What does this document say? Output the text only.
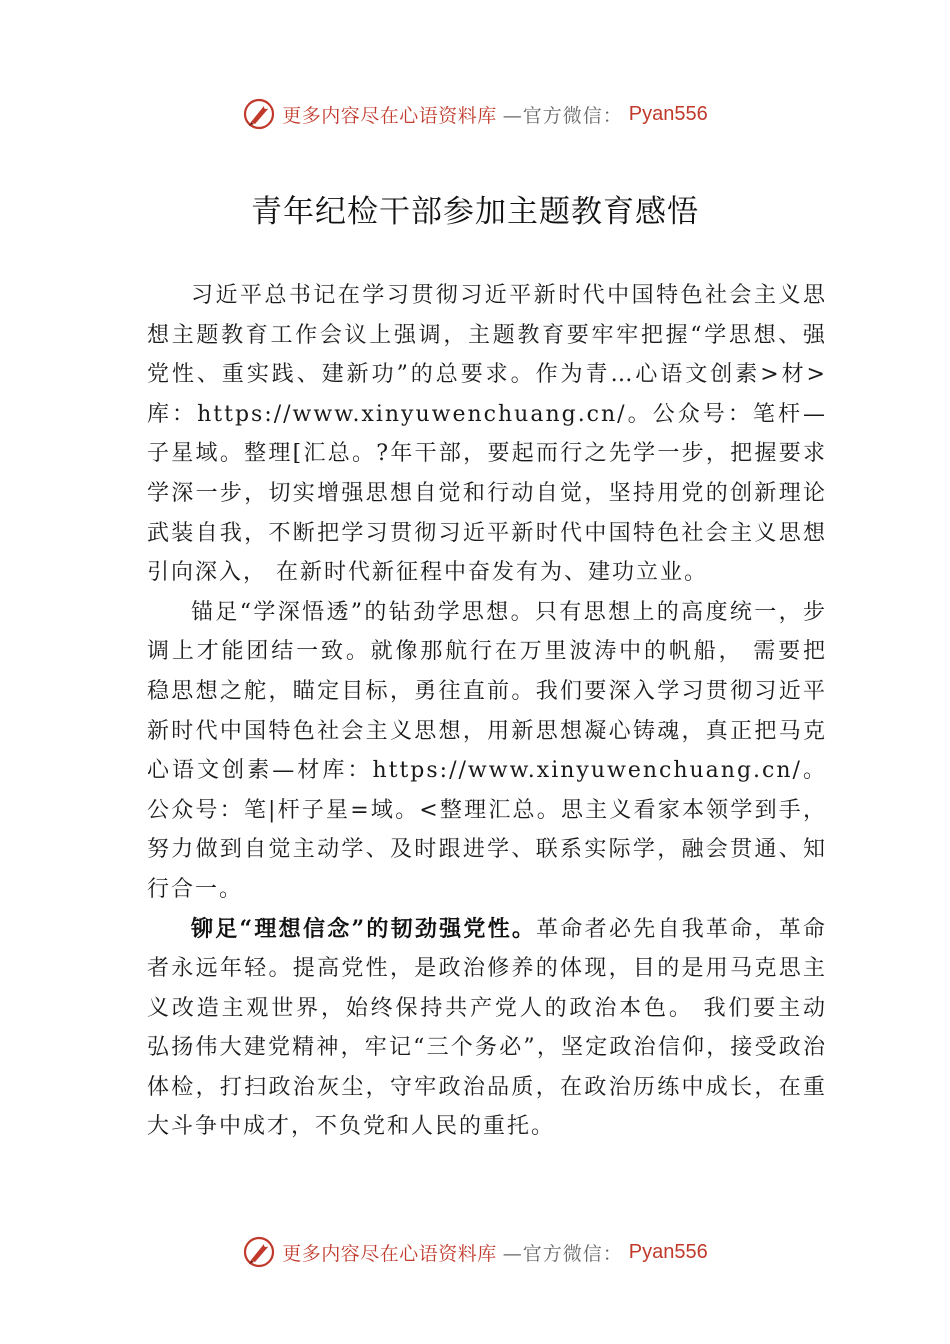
更多内容尽在心语资料库 —官方微信： Pyan556
青年纪检干部参加主题教育感悟

习近平总书记在学习贯彻习近平新时代中国特色社会主义思想主题教育工作会议上强调，主题教育要牢牢把握“学思想、强党性、重实践、建新功”的总要求。作为青…心语文创素>材>库：https://www.xinyuwenchuang.cn/。公众号：笔杆—子星域。整理[汇总。?年干部，要起而行之先学一步，把握要求学深一步，切实增强思想自觉和行动自觉，坚持用党的创新理论武装自我，不断把学习贯彻习近平新时代中国特色社会主义思想引向深入， 在新时代新征程中奋发有为、建功立业。

锚足“学深悟透”的钻劲学思想。只有思想上的高度统一，步调上才能团结一致。就像那航行在万里波涛中的帆船， 需要把稳思想之舵，瞄定目标，勇往直前。我们要深入学习贯彻习近平新时代中国特色社会主义思想，用新思想凝心铸魂，真正把马克心语文创素—材库：https://www.xinyuwenchuang.cn/。公众号：笔|杆子星=域。<整理汇总。思主义看家本领学到手，努力做到自觉主动学、及时跟进学、联系实际学，融会贯通、知行合一。

铆足“理想信念”的韧劲强党性。革命者必先自我革命，革命者永远年轻。提高党性，是政治修养的体现，目的是用马克思主义改造主观世界，始终保持共产党人的政治本色。 我们要主动弘扬伟大建党精神，牢记“三个务必”，坚定政治信仰，接受政治体检，打扫政治灰尘，守牢政治品质，在政治历练中成长，在重大斗争中成才，不负党和人民的重托。

更多内容尽在心语资料库 —官方微信： Pyan556
